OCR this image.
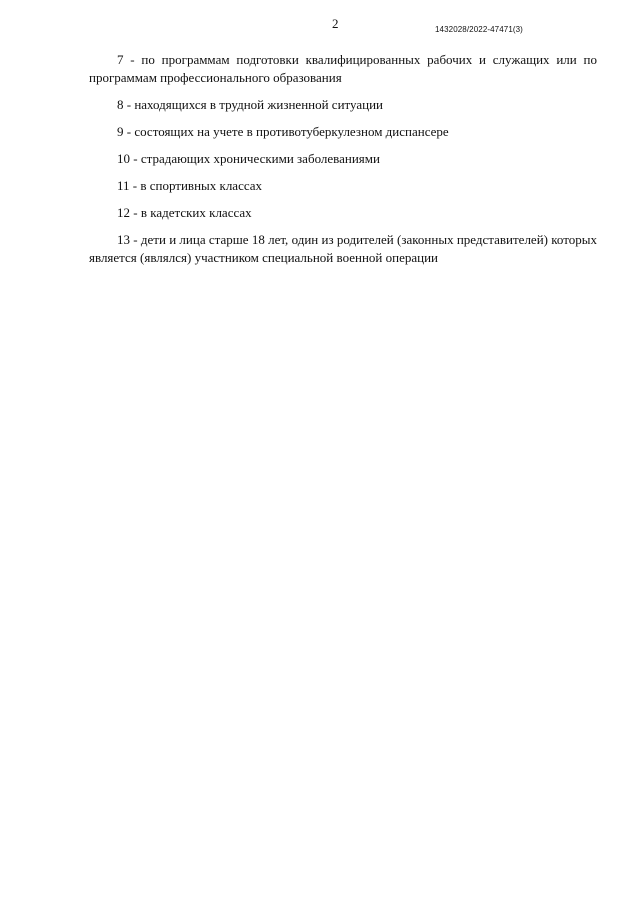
2	1432028/2022-47471(3)

7 - по программам подготовки квалифицированных рабочих и служащих или по программам профессионального образования

8 - находящихся в трудной жизненной ситуации

9 - состоящих на учете в противотуберкулезном диспансере

10 - страдающих хроническими заболеваниями

11 - в спортивных классах

12 - в кадетских классах

13 - дети и лица старше 18 лет, один из родителей (законных представителей) которых является (являлся) участником специальной военной операции
